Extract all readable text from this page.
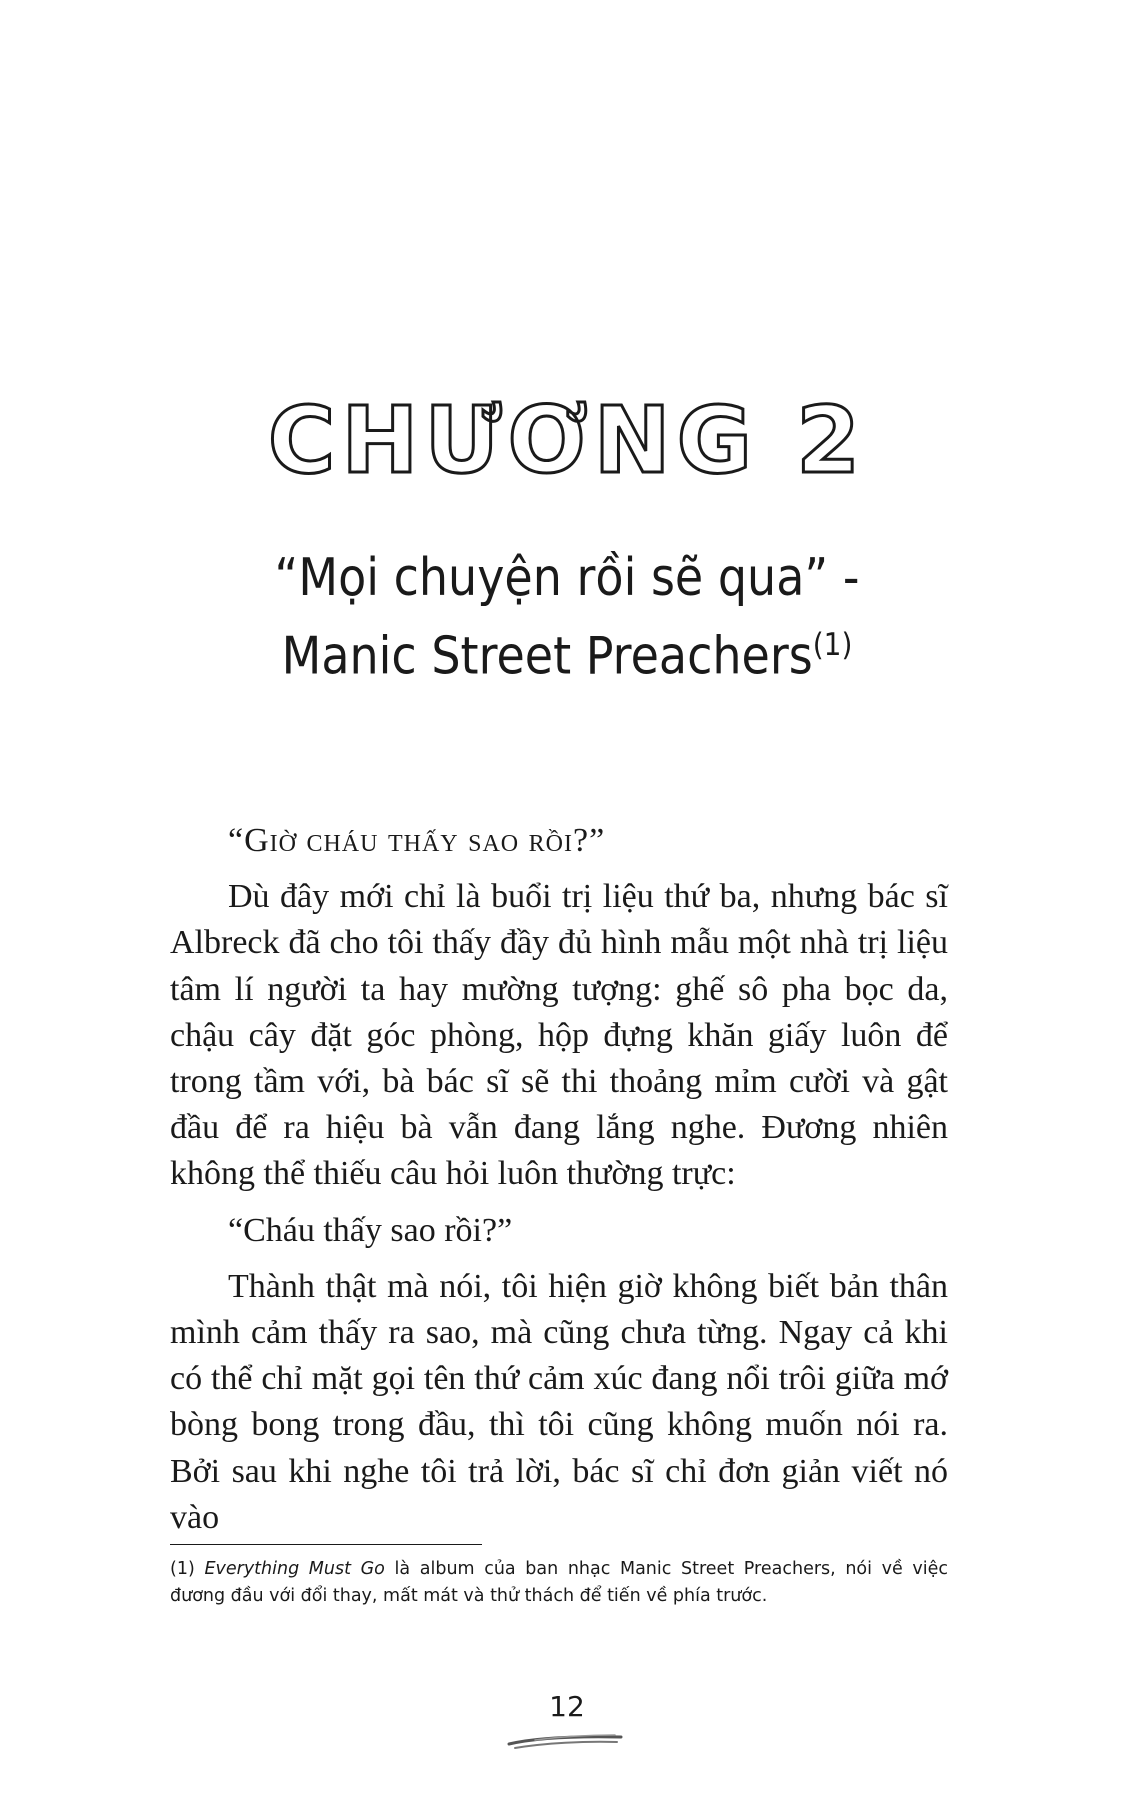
CHƯƠNG 2
“Mọi chuyện rồi sẽ qua” -
Manic Street Preachers$^{(1)}$

“Giờ cháu thấy sao rồi?”

Dù đây mới chỉ là buổi trị liệu thứ ba, nhưng bác sĩ Albreck đã cho tôi thấy đầy đủ hình mẫu một nhà trị liệu tâm lí người ta hay mường tượng: ghế sô pha bọc da, chậu cây đặt góc phòng, hộp đựng khăn giấy luôn để trong tầm với, bà bác sĩ sẽ thi thoảng mỉm cười và gật đầu để ra hiệu bà vẫn đang lắng nghe. Đương nhiên không thể thiếu câu hỏi luôn thường trực:

“Cháu thấy sao rồi?”

Thành thật mà nói, tôi hiện giờ không biết bản thân mình cảm thấy ra sao, mà cũng chưa từng. Ngay cả khi có thể chỉ mặt gọi tên thứ cảm xúc đang nổi trôi giữa mớ bòng bong trong đầu, thì tôi cũng không muốn nói ra. Bởi sau khi nghe tôi trả lời, bác sĩ chỉ đơn giản viết nó vào

(1) Everything Must Go là album của ban nhạc Manic Street Preachers, nói về việc đương đầu với đổi thay, mất mát và thử thách để tiến về phía trước.
12
